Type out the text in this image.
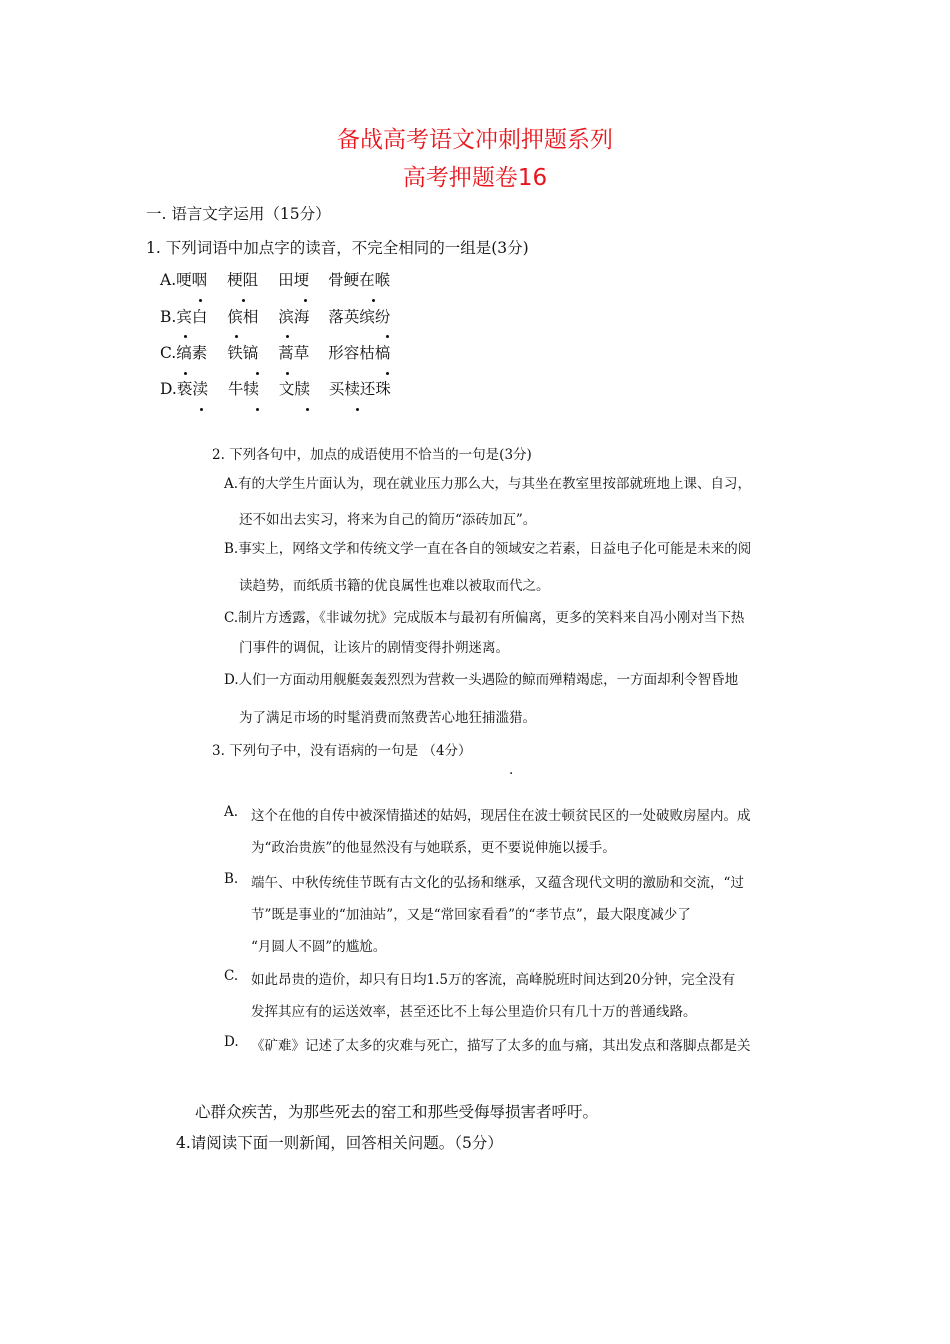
备战高考语文冲刺押题系列
高考押题卷16
一. 语言文字运用（15分）
1. 下列词语中加点字的读音，不完全相同的一组是(3分)
A.哽咽 梗阻 田埂 骨鲠在喉
B.宾白 傧相 滨海 落英缤纷
C.缟素 铁镐 蒿草 形容枯槁
D.亵渎 牛犊 文牍 买椟还珠
2. 下列各句中，加点的成语使用不恰当的一句是(3分)
A.有的大学生片面认为，现在就业压力那么大，与其坐在教室里按部就班地上课、自习，
还不如出去实习，将来为自己的简历“添砖加瓦”。
B.事实上，网络文学和传统文学一直在各自的领域安之若素，日益电子化可能是未来的阅
读趋势，而纸质书籍的优良属性也难以被取而代之。
C.制片方透露，《非诚勿扰》完成版本与最初有所偏离，更多的笑料来自冯小刚对当下热
门事件的调侃，让该片的剧情变得扑朔迷离。
D.人们一方面动用舰艇轰轰烈烈为营救一头遇险的鲸而殚精竭虑，一方面却利令智昏地
为了满足市场的时髦消费而煞费苦心地狂捕滥猎。
3. 下列句子中，没有语病的一句是 （4分）
·
A. 这个在他的自传中被深情描述的姑妈，现居住在波士顿贫民区的一处破败房屋内。成
为“政治贵族”的他显然没有与她联系，更不要说伸施以援手。
B. 端午、中秋传统佳节既有古文化的弘扬和继承，又蕴含现代文明的激励和交流，“过
节”既是事业的“加油站”，又是“常回家看看”的“孝节点”，最大限度减少了
“月圆人不圆”的尴尬。
C. 如此昂贵的造价，却只有日均1.5万的客流，高峰脱班时间达到20分钟，完全没有
发挥其应有的运送效率，甚至还比不上每公里造价只有几十万的普通线路。
D. 《矿难》记述了太多的灾难与死亡，描写了太多的血与痛，其出发点和落脚点都是关
心群众疾苦，为那些死去的窑工和那些受侮辱损害者呼吁。
4.请阅读下面一则新闻，回答相关问题。（5分）
